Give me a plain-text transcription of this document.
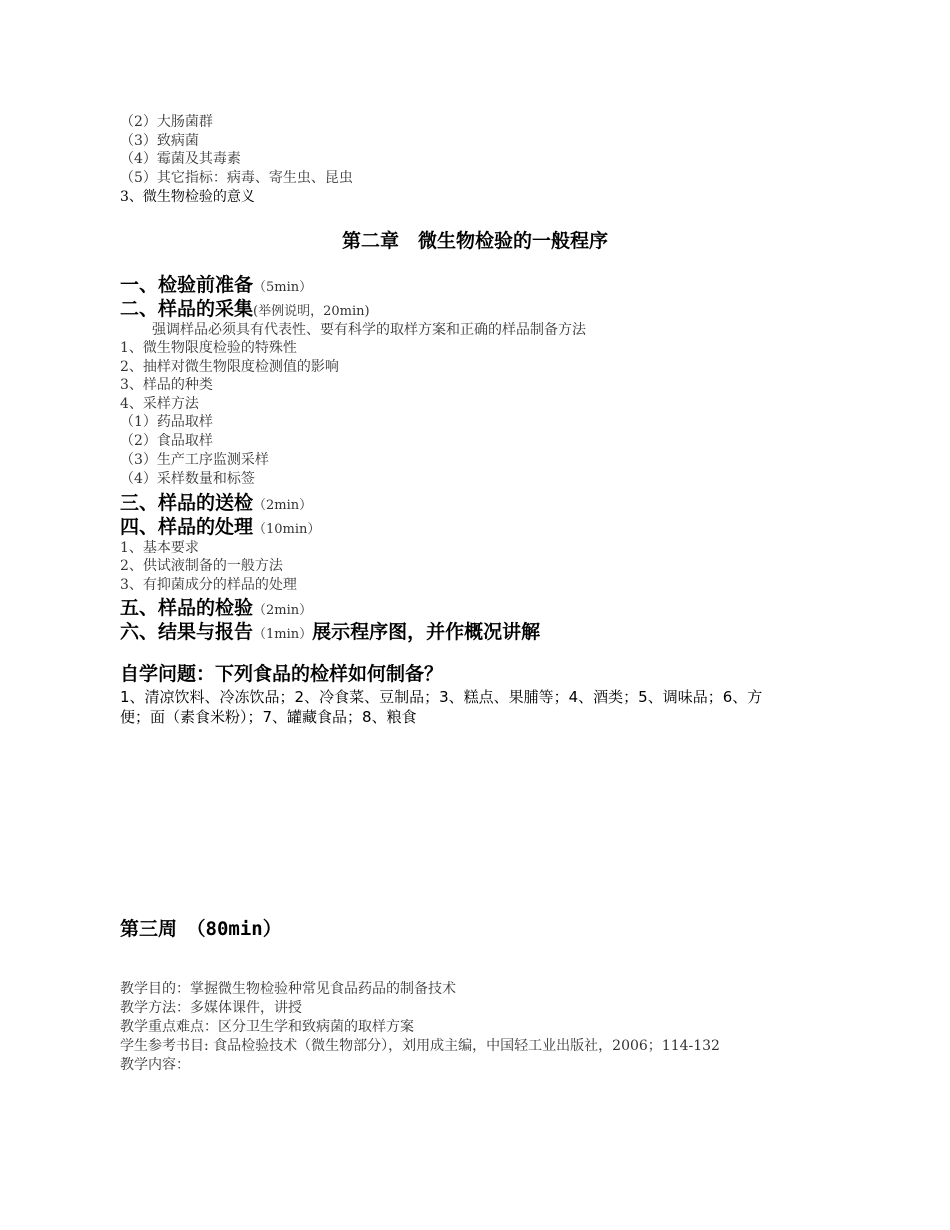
（2）大肠菌群
（3）致病菌
（4）霉菌及其毒素
（5）其它指标：病毒、寄生虫、昆虫
3、微生物检验的意义
第二章　微生物检验的一般程序
一、检验前准备（5min）
二、样品的采集(举例说明，20min)
强调样品必须具有代表性、要有科学的取样方案和正确的样品制备方法
1、微生物限度检验的特殊性
2、抽样对微生物限度检测值的影响
3、样品的种类
4、采样方法
（1）药品取样
（2）食品取样
（3）生产工序监测采样
（4）采样数量和标签
三、样品的送检（2min）
四、样品的处理（10min）
1、基本要求
2、供试液制备的一般方法
3、有抑菌成分的样品的处理
五、样品的检验（2min）
六、结果与报告（1min）展示程序图，并作概况讲解
自学问题：下列食品的检样如何制备？
1、清凉饮料、冷冻饮品；2、冷食菜、豆制品；3、糕点、果脯等；4、酒类；5、调味品；6、方
便；面（素食米粉）；7、罐藏食品；8、粮食
第三周　（80min）
教学目的：掌握微生物检验种常见食品药品的制备技术
教学方法：多媒体课件，讲授
教学重点难点：区分卫生学和致病菌的取样方案
学生参考书目: 食品检验技术（微生物部分），刘用成主编，中国轻工业出版社，2006；114-132
教学内容：
